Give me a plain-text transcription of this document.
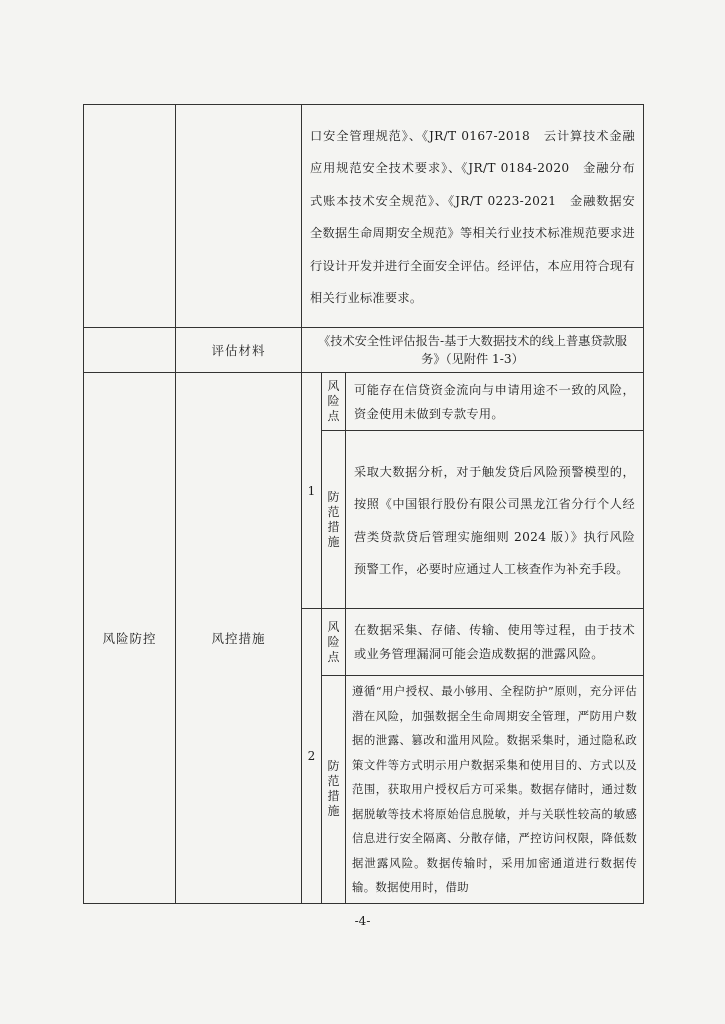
		口安全管理规范》、《JR/T 0167-2018　云计算技术金融应用规范安全技术要求》、《JR/T 0184-2020　金融分布式账本技术安全规范》、《JR/T 0223-2021　金融数据安全数据生命周期安全规范》等相关行业技术标准规范要求进行设计开发并进行全面安全评估。经评估，本应用符合现有相关行业标准要求。		

	评估材料	《技术安全性评估报告-基于大数据技术的线上普惠贷款服务》（见附件 1-3）		

风险防控	风控措施	1	风险点	可能存在信贷资金流向与申请用途不一致的风险，资金使用未做到专款专用。

			防范措施	采取大数据分析，对于触发贷后风险预警模型的，按照《中国银行股份有限公司黑龙江省分行个人经营类贷款贷后管理实施细则 2024 版）》执行风险预警工作，必要时应通过人工核查作为补充手段。

		2	风险点	在数据采集、存储、传输、使用等过程，由于技术或业务管理漏洞可能会造成数据的泄露风险。

			防范措施	遵循“用户授权、最小够用、全程防护”原则，充分评估潜在风险，加强数据全生命周期安全管理，严防用户数据的泄露、篡改和滥用风险。数据采集时，通过隐私政策文件等方式明示用户数据采集和使用目的、方式以及范围，获取用户授权后方可采集。数据存储时，通过数据脱敏等技术将原始信息脱敏，并与关联性较高的敏感信息进行安全隔离、分散存储，严控访问权限，降低数据泄露风险。数据传输时，采用加密通道进行数据传输。数据使用时，借助
-4-
